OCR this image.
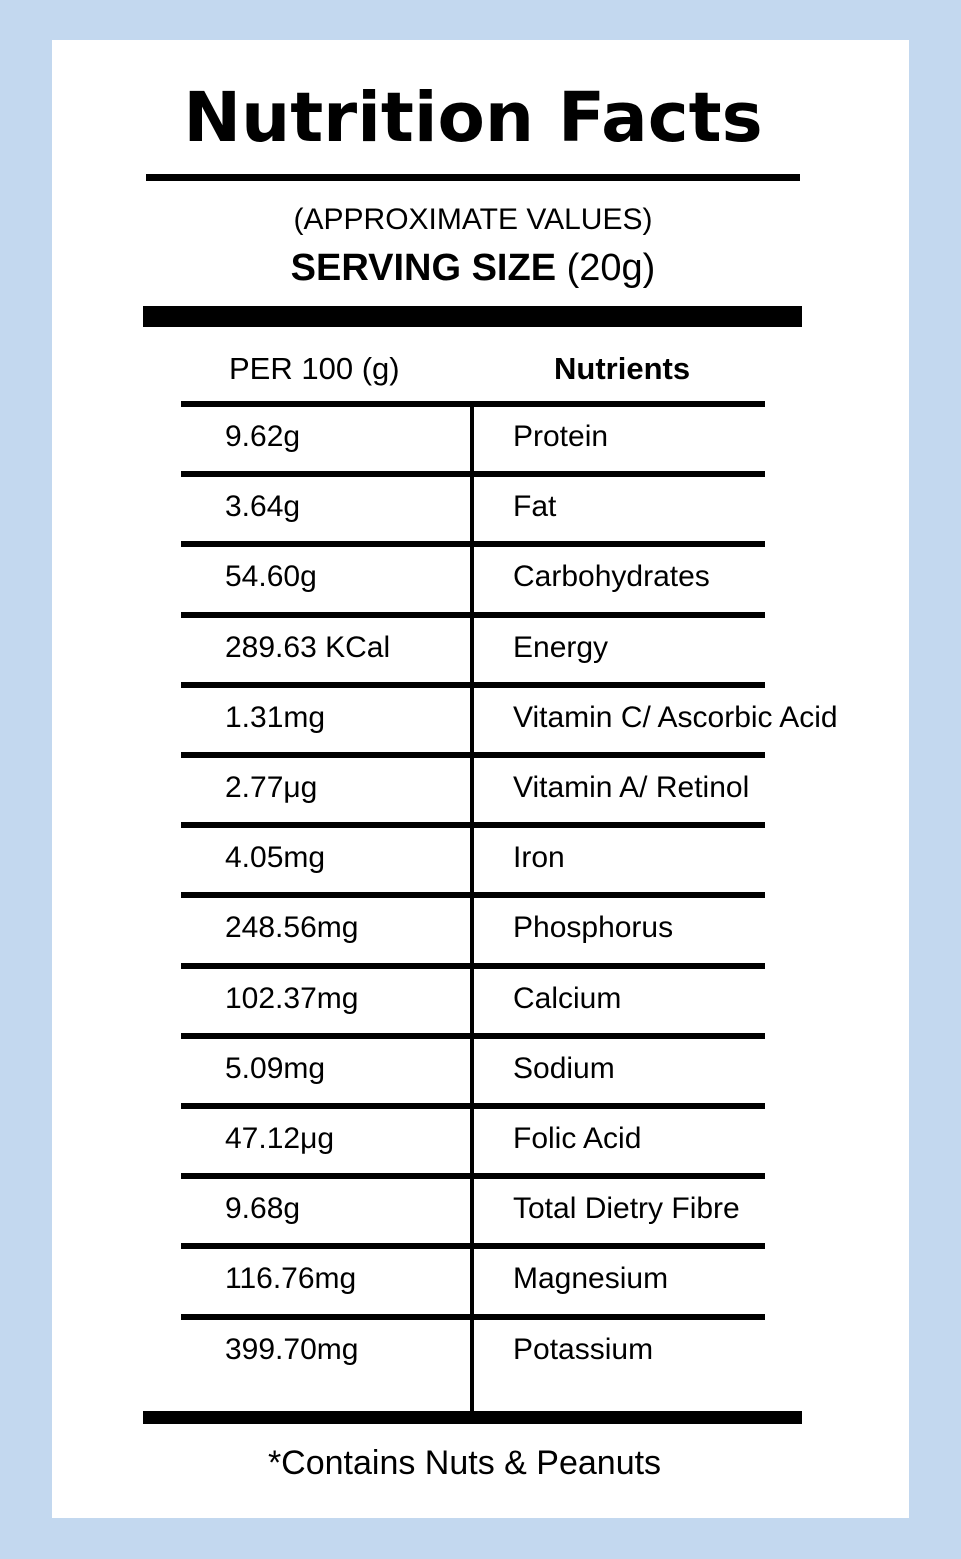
Nutrition Facts
(APPROXIMATE VALUES)
SERVING SIZE (20g)
PER 100 (g)	Nutrients
9.62g	Protein
3.64g	Fat
54.60g	Carbohydrates
289.63 KCal	Energy
1.31mg	Vitamin C/ Ascorbic Acid
2.77μg	Vitamin A/ Retinol
4.05mg	Iron
248.56mg	Phosphorus
102.37mg	Calcium
5.09mg	Sodium
47.12μg	Folic Acid
9.68g	Total Dietry Fibre
116.76mg	Magnesium
399.70mg	Potassium
*Contains Nuts & Peanuts
